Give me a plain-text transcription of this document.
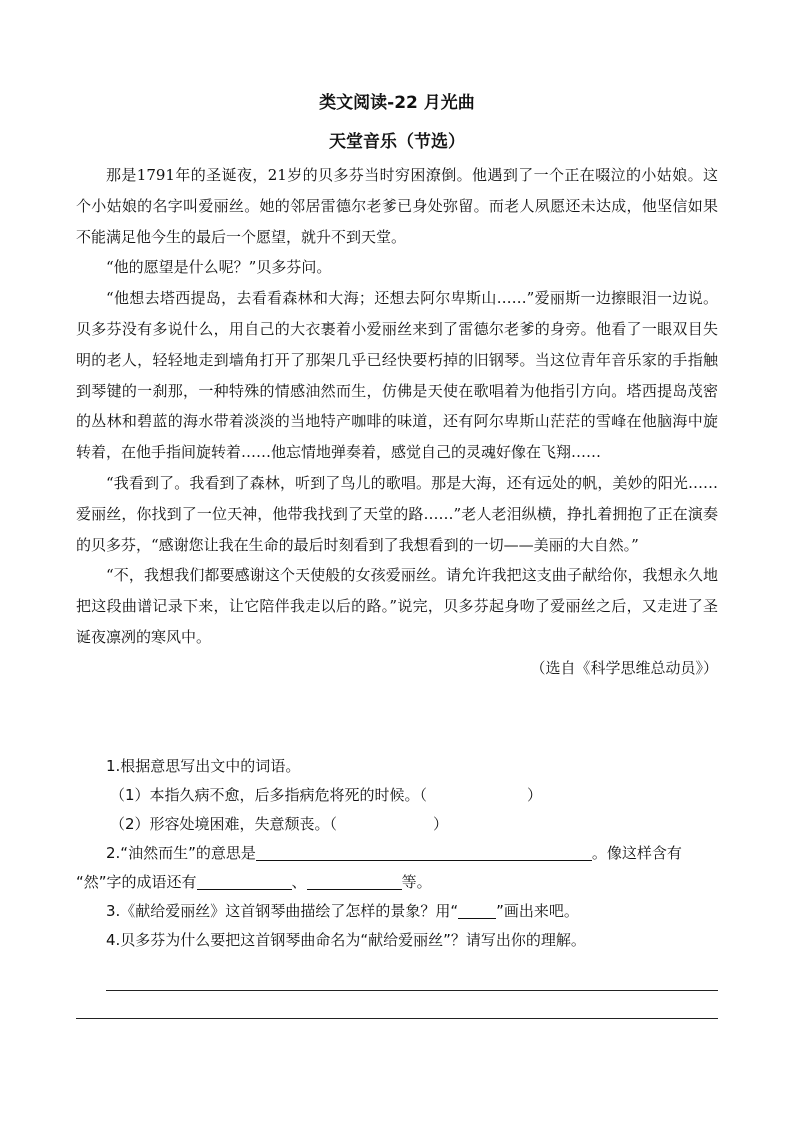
类文阅读-22 月光曲
天堂音乐（节选）

那是1791年的圣诞夜，21岁的贝多芬当时穷困潦倒。他遇到了一个正在啜泣的小姑娘。这个小姑娘的名字叫爱丽丝。她的邻居雷德尔老爹已身处弥留。而老人夙愿还未达成，他坚信如果不能满足他今生的最后一个愿望，就升不到天堂。

“他的愿望是什么呢？”贝多芬问。

“他想去塔西提岛，去看看森林和大海；还想去阿尔卑斯山……”爱丽斯一边擦眼泪一边说。贝多芬没有多说什么，用自己的大衣裹着小爱丽丝来到了雷德尔老爹的身旁。他看了一眼双目失明的老人，轻轻地走到墙角打开了那架几乎已经快要朽掉的旧钢琴。当这位青年音乐家的手指触到琴键的一刹那，一种特殊的情感油然而生，仿佛是天使在歌唱着为他指引方向。塔西提岛茂密的丛林和碧蓝的海水带着淡淡的当地特产咖啡的味道，还有阿尔卑斯山茫茫的雪峰在他脑海中旋转着，在他手指间旋转着……他忘情地弹奏着，感觉自己的灵魂好像在飞翔……

“我看到了。我看到了森林，听到了鸟儿的歌唱。那是大海，还有远处的帆，美妙的阳光……爱丽丝，你找到了一位天神，他带我找到了天堂的路……”老人老泪纵横，挣扎着拥抱了正在演奏的贝多芬，“感谢您让我在生命的最后时刻看到了我想看到的一切——美丽的大自然。”

“不，我想我们都要感谢这个天使般的女孩爱丽丝。请允许我把这支曲子献给你，我想永久地把这段曲谱记录下来，让它陪伴我走以后的路。”说完，贝多芬起身吻了爱丽丝之后，又走进了圣诞夜凛冽的寒风中。

（选自《科学思维总动员》）
1.根据意思写出文中的词语。
（1）本指久病不愈，后多指病危将死的时候。（	）
（2）形容处境困难，失意颓丧。（	）
2.“油然而生”的意思是	。像这样含有
“然”字的成语还有	、	等。
3.《献给爱丽丝》这首钢琴曲描绘了怎样的景象？用“	”画出来吧。
4.贝多芬为什么要把这首钢琴曲命名为“献给爱丽丝”？请写出你的理解。
